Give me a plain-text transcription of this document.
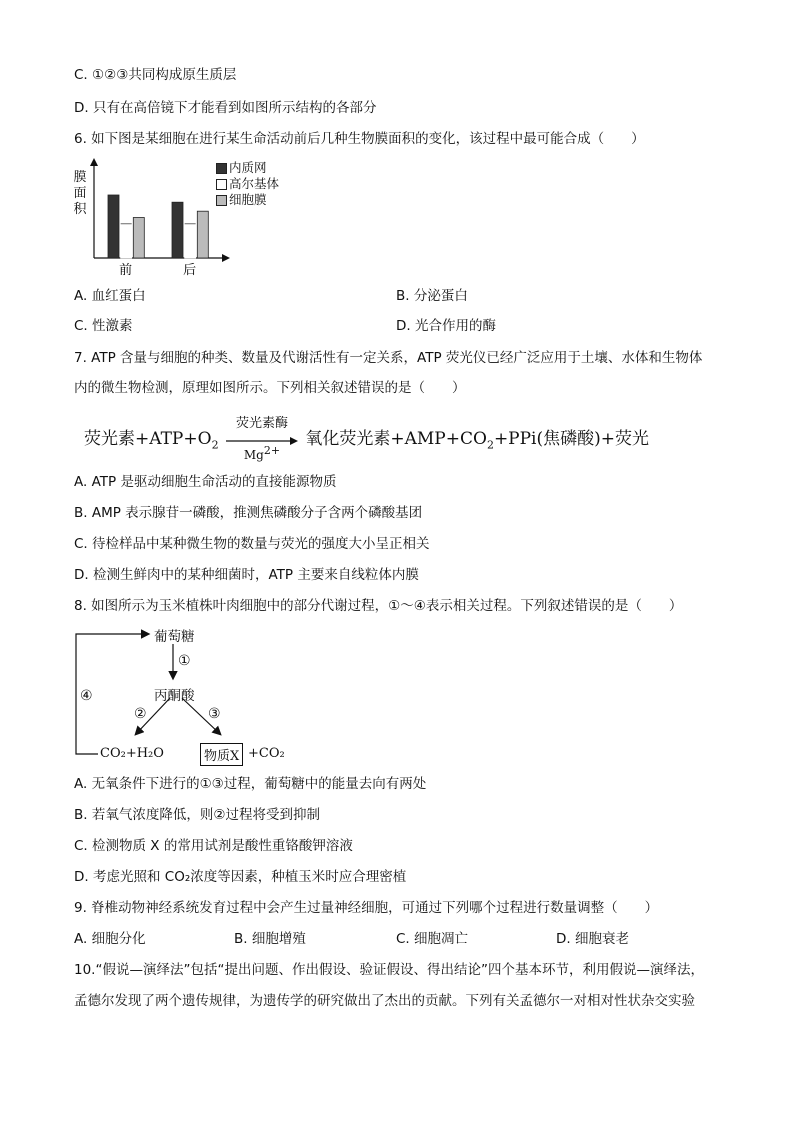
C. ①②③共同构成原生质层
D. 只有在高倍镜下才能看到如图所示结构的各部分
6. 如下图是某细胞在进行某生命活动前后几种生物膜面积的变化，该过程中最可能合成（　　）
膜
面
积
前	后
内质网
高尔基体
细胞膜
A. 血红蛋白	B. 分泌蛋白
C. 性激素	D. 光合作用的酶
7. ATP 含量与细胞的种类、数量及代谢活性有一定关系，ATP 荧光仪已经广泛应用于土壤、水体和生物体
内的微生物检测，原理如图所示。下列相关叙述错误的是（　　）
荧光素$+ATP+O_2$
荧光素酶
$Mg^{2+}$
氧化荧光素$+AMP+CO_2+PPi$(焦磷酸)+荧光
A. ATP 是驱动细胞生命活动的直接能源物质
B. AMP 表示腺苷一磷酸，推测焦磷酸分子含两个磷酸基团
C. 待检样品中某种微生物的数量与荧光的强度大小呈正相关
D. 检测生鲜肉中的某种细菌时，ATP 主要来自线粒体内膜
8. 如图所示为玉米植株叶肉细胞中的部分代谢过程，①～④表示相关过程。下列叙述错误的是（　　）
葡萄糖
①
丙酮酸
②	③
④
CO₂+H₂O	物质X +CO₂
A. 无氧条件下进行的①③过程，葡萄糖中的能量去向有两处
B. 若氧气浓度降低，则②过程将受到抑制
C. 检测物质 X 的常用试剂是酸性重铬酸钾溶液
D. 考虑光照和 CO₂浓度等因素，种植玉米时应合理密植
9. 脊椎动物神经系统发育过程中会产生过量神经细胞，可通过下列哪个过程进行数量调整（　　）
A. 细胞分化	B. 细胞增殖	C. 细胞凋亡	D. 细胞衰老
10.“假说—演绎法”包括“提出问题、作出假设、验证假设、得出结论”四个基本环节，利用假说—演绎法，
孟德尔发现了两个遗传规律，为遗传学的研究做出了杰出的贡献。下列有关孟德尔一对相对性状杂交实验
